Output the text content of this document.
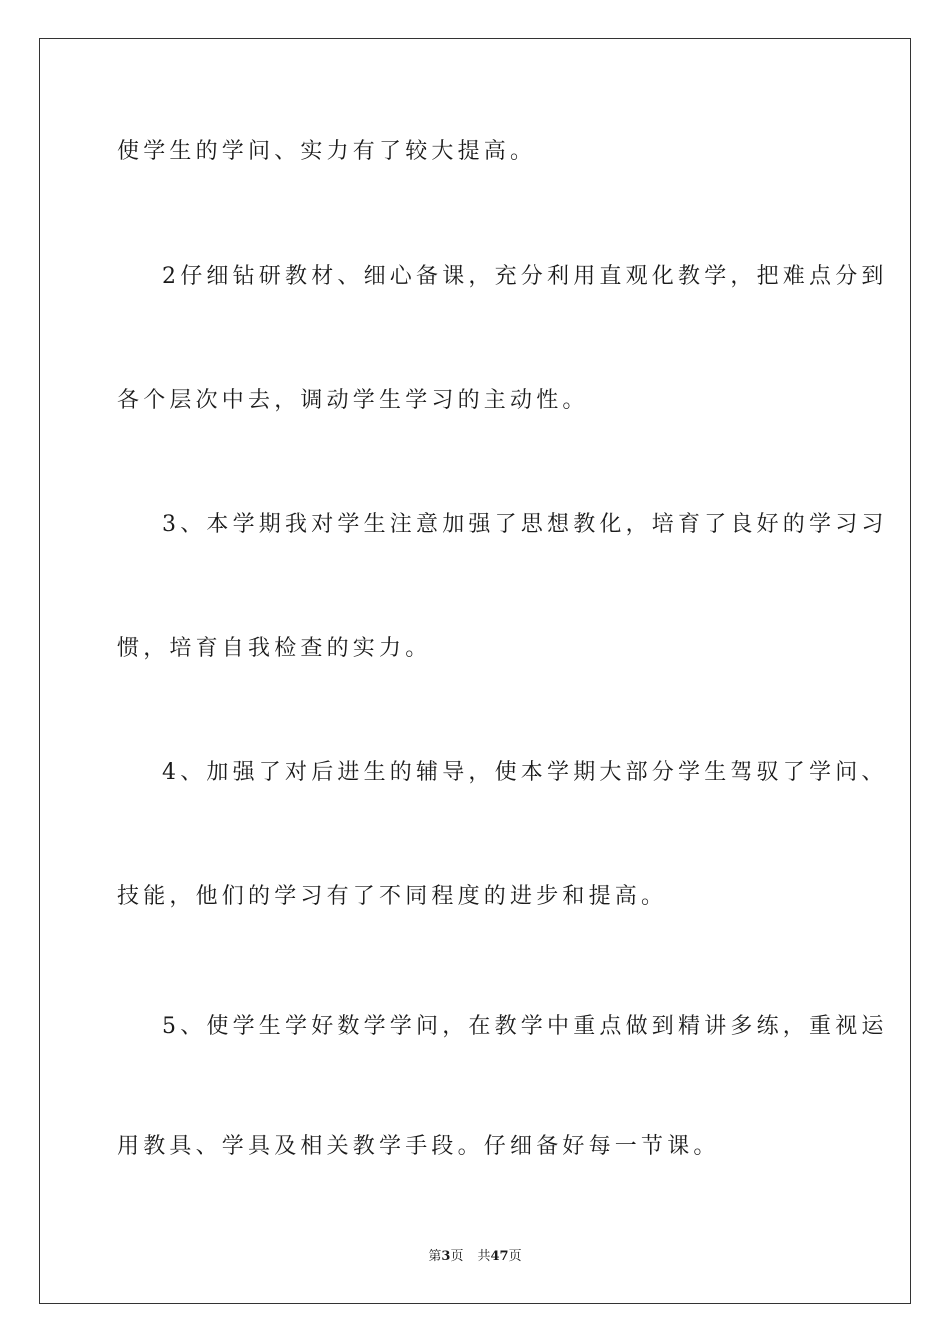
使学生的学问、实力有了较大提高。
2仔细钻研教材、细心备课，充分利用直观化教学，把难点分到
各个层次中去，调动学生学习的主动性。
3、本学期我对学生注意加强了思想教化，培育了良好的学习习
惯，培育自我检查的实力。
4、加强了对后进生的辅导，使本学期大部分学生驾驭了学问、
技能，他们的学习有了不同程度的进步和提高。
5、使学生学好数学学问，在教学中重点做到精讲多练，重视运
用教具、学具及相关教学手段。仔细备好每一节课。
第3页 共47页
